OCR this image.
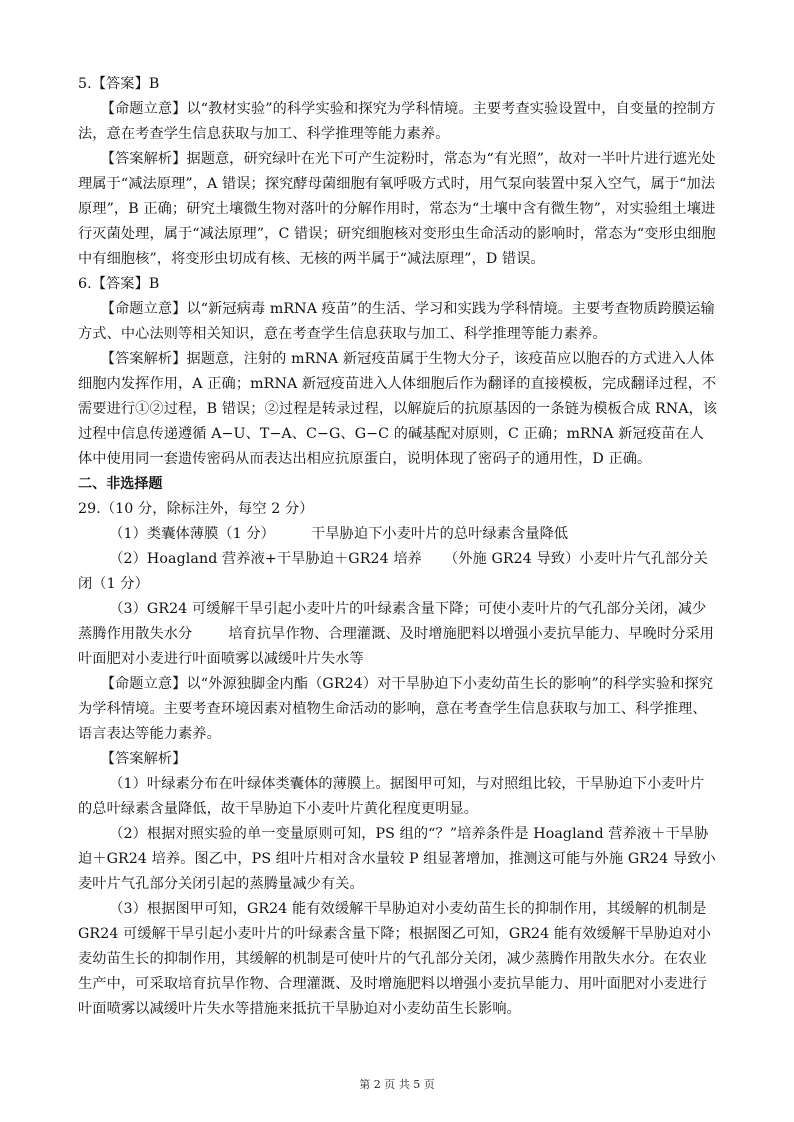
5.【答案】B

【命题立意】以“教材实验”的科学实验和探究为学科情境。主要考查实验设置中，自变量的控制方法，意在考查学生信息获取与加工、科学推理等能力素养。

【答案解析】据题意，研究绿叶在光下可产生淀粉时，常态为“有光照”，故对一半叶片进行遮光处理属于“减法原理”，A 错误；探究酵母菌细胞有氧呼吸方式时，用气泵向装置中泵入空气，属于“加法原理”，B 正确；研究土壤微生物对落叶的分解作用时，常态为“土壤中含有微生物”，对实验组土壤进行灭菌处理，属于“减法原理”，C 错误；研究细胞核对变形虫生命活动的影响时，常态为“变形虫细胞中有细胞核”，将变形虫切成有核、无核的两半属于“减法原理”，D 错误。

6.【答案】B

【命题立意】以“新冠病毒 mRNA 疫苗”的生活、学习和实践为学科情境。主要考查物质跨膜运输方式、中心法则等相关知识，意在考查学生信息获取与加工、科学推理等能力素养。

【答案解析】据题意，注射的 mRNA 新冠疫苗属于生物大分子，该疫苗应以胞吞的方式进入人体细胞内发挥作用，A 正确；mRNA 新冠疫苗进入人体细胞后作为翻译的直接模板，完成翻译过程，不需要进行①②过程，B 错误；②过程是转录过程，以解旋后的抗原基因的一条链为模板合成 RNA，该过程中信息传递遵循 A−U、T−A、C−G、G−C 的碱基配对原则，C 正确；mRNA 新冠疫苗在人体中使用同一套遗传密码从而表达出相应抗原蛋白，说明体现了密码子的通用性，D 正确。

二、非选择题

29.（10 分，除标注外，每空 2 分）

（1）类囊体薄膜（1 分）	干旱胁迫下小麦叶片的总叶绿素含量降低

（2）Hoagland 营养液+干旱胁迫＋GR24 培养 （外施 GR24 导致）小麦叶片气孔部分关闭（1 分）

（3）GR24 可缓解干旱引起小麦叶片的叶绿素含量下降；可使小麦叶片的气孔部分关闭，减少蒸腾作用散失水分	培育抗旱作物、合理灌溉、及时增施肥料以增强小麦抗旱能力、早晚时分采用叶面肥对小麦进行叶面喷雾以减缓叶片失水等

【命题立意】以“外源独脚金内酯（GR24）对干旱胁迫下小麦幼苗生长的影响”的科学实验和探究为学科情境。主要考查环境因素对植物生命活动的影响，意在考查学生信息获取与加工、科学推理、语言表达等能力素养。

【答案解析】

（1）叶绿素分布在叶绿体类囊体的薄膜上。据图甲可知，与对照组比较，干旱胁迫下小麦叶片的总叶绿素含量降低，故干旱胁迫下小麦叶片黄化程度更明显。

（2）根据对照实验的单一变量原则可知，PS 组的“？”培养条件是 Hoagland 营养液＋干旱胁迫＋GR24 培养。图乙中，PS 组叶片相对含水量较 P 组显著增加，推测这可能与外施 GR24 导致小麦叶片气孔部分关闭引起的蒸腾量减少有关。

（3）根据图甲可知，GR24 能有效缓解干旱胁迫对小麦幼苗生长的抑制作用，其缓解的机制是 GR24 可缓解干旱引起小麦叶片的叶绿素含量下降；根据图乙可知，GR24 能有效缓解干旱胁迫对小麦幼苗生长的抑制作用，其缓解的机制是可使叶片的气孔部分关闭，减少蒸腾作用散失水分。在农业生产中，可采取培育抗旱作物、合理灌溉、及时增施肥料以增强小麦抗旱能力、用叶面肥对小麦进行叶面喷雾以减缓叶片失水等措施来抵抗干旱胁迫对小麦幼苗生长影响。

第 2 页 共 5 页
